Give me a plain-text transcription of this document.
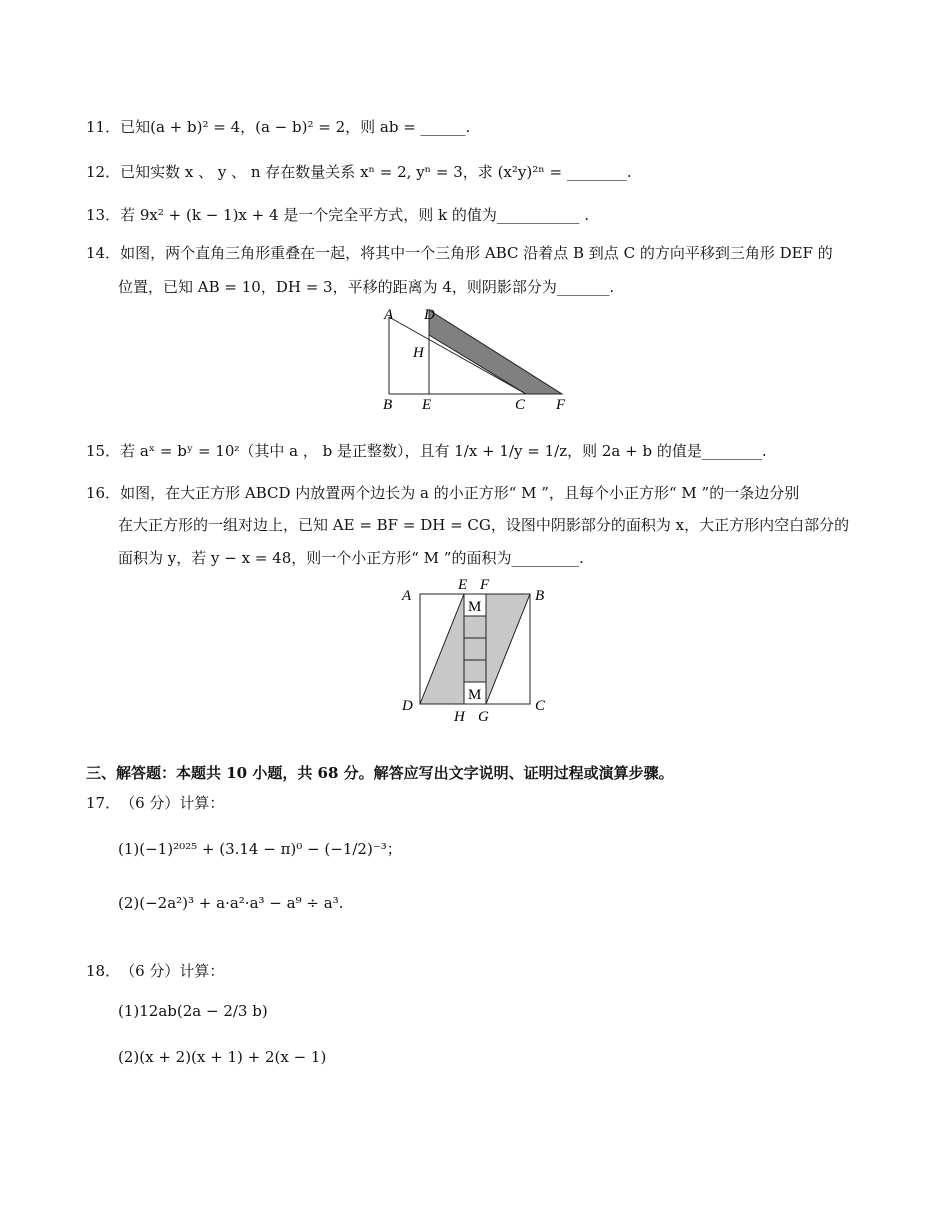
11．已知(a + b)² = 4，(a − b)² = 2，则 ab = ______.
12．已知实数 x 、 y 、 n 存在数量关系 xⁿ = 2, yⁿ = 3，求 (x²y)²ⁿ = ________.
13．若 9x² + (k − 1)x + 4 是一个完全平方式，则 k 的值为___________ .
14．如图，两个直角三角形重叠在一起，将其中一个三角形 ABC 沿着点 B 到点 C 的方向平移到三角形 DEF 的
位置，已知 AB = 10，DH = 3，平移的距离为 4，则阴影部分为_______.
A D
H
B E	C F
15．若 aˣ = bʸ = 10ᶻ（其中 a ， b 是正整数），且有 1/x + 1/y = 1/z，则 2a + b 的值是________.
16．如图，在大正方形 ABCD 内放置两个边长为 a 的小正方形“ M ”，且每个小正方形“ M ”的一条边分别
在大正方形的一组对边上，已知 AE = BF = DH = CG，设图中阴影部分的面积为 x，大正方形内空白部分的
面积为 y，若 y − x = 48，则一个小正方形“ M ”的面积为_________.
E F
A	B
D	C
H G
M
M
三、解答题：本题共 10 小题，共 68 分。解答应写出文字说明、证明过程或演算步骤。
17．（6 分）计算：
(1)(−1)²⁰²⁵ + (3.14 − π)⁰ − (−1/2)⁻³；
(2)(−2a²)³ + a·a²·a³ − a⁹ ÷ a³.
18．（6 分）计算：
(1)12ab(2a − 2/3 b)
(2)(x + 2)(x + 1) + 2(x − 1)
